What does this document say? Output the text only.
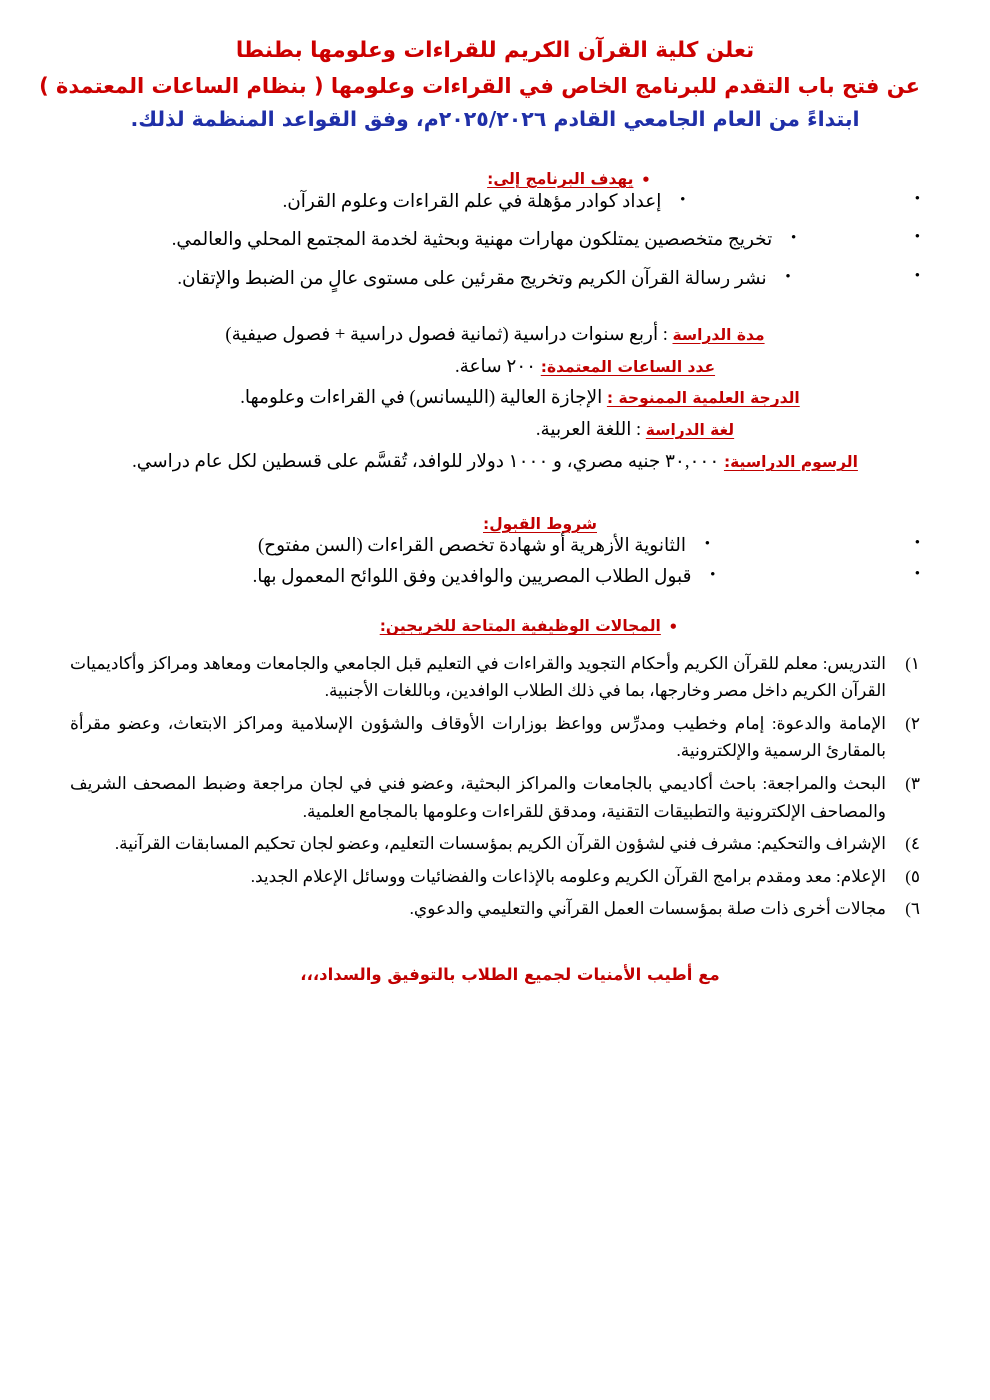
تعلن كلية القرآن الكريم للقراءات وعلومها بطنطا
عن فتح باب التقدم للبرنامج الخاص في القراءات وعلومها ( بنظام الساعات المعتمدة )
ابتداءً من العام الجامعي القادم ٢٠٢٥/٢٠٢٦م، وفق القواعد المنظمة لذلك.
• يهدف البرنامج إلى:
• • إعداد كوادر مؤهلة في علم القراءات وعلوم القرآن.
• • تخريج متخصصين يمتلكون مهارات مهنية وبحثية لخدمة المجتمع المحلي والعالمي.
• • نشر رسالة القرآن الكريم وتخريج مقرئين على مستوى عالٍ من الضبط والإتقان.
مدة الدراسة : أربع سنوات دراسية (ثمانية فصول دراسية + فصول صيفية)
عدد الساعات المعتمدة: ٢٠٠ ساعة.
الدرجة العلمية الممنوحة : الإجازة العالية (الليسانس) في القراءات وعلومها.
لغة الدراسة : اللغة العربية.
الرسوم الدراسية: ٣٠,٠٠٠ جنيه مصري، و ١٠٠٠ دولار للوافد، تُقسَّم على قسطين لكل عام دراسي.
شروط القبول:
• • الثانوية الأزهرية أو شهادة تخصص القراءات (السن مفتوح)
• • قبول الطلاب المصريين والوافدين وفق اللوائح المعمول بها.
• المجالات الوظيفية المتاحة للخريجين:
١)
التدريس: معلم للقرآن الكريم وأحكام التجويد والقراءات في التعليم قبل الجامعي والجامعات ومعاهد ومراكز وأكاديميات القرآن الكريم داخل مصر وخارجها، بما في ذلك الطلاب الوافدين، وباللغات الأجنبية.
٢)
الإمامة والدعوة: إمام وخطيب ومدرِّس وواعظ بوزارات الأوقاف والشؤون الإسلامية ومراكز الابتعاث، وعضو مقرأة بالمقارئ الرسمية والإلكترونية.
٣)
البحث والمراجعة: باحث أكاديمي بالجامعات والمراكز البحثية، وعضو فني في لجان مراجعة وضبط المصحف الشريف والمصاحف الإلكترونية والتطبيقات التقنية، ومدقق للقراءات وعلومها بالمجامع العلمية.
٤)
الإشراف والتحكيم: مشرف فني لشؤون القرآن الكريم بمؤسسات التعليم، وعضو لجان تحكيم المسابقات القرآنية.
٥)
الإعلام: معد ومقدم برامج القرآن الكريم وعلومه بالإذاعات والفضائيات ووسائل الإعلام الجديد.
٦)
مجالات أخرى ذات صلة بمؤسسات العمل القرآني والتعليمي والدعوي.
مع أطيب الأمنيات لجميع الطلاب بالتوفيق والسداد،،،
